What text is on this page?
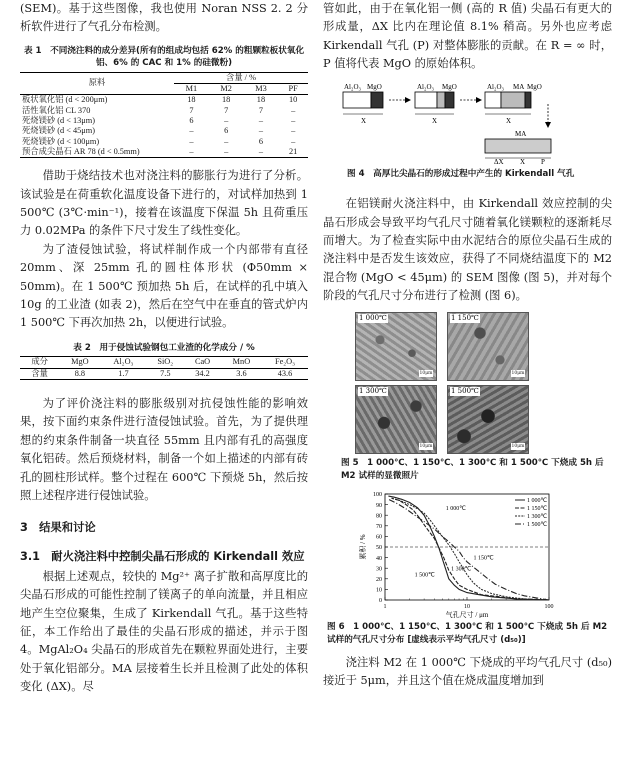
(SEM)。基于这些图像，我也使用 Noran NSS 2. 2 分析软件进行了气孔分布检测。

表 1　不同浇注料的成分差异(所有的组成均包括 62% 的粗颗粒板状氧化铝、6% 的 CAC 和 1% 的硅微粉)
原料	含量 / %			
	M1	M2	M3	PF
板状氧化铝 (d < 200μm)	18	18	18	10
活性氧化铝 CL 370	7	7	7	–
死烧镁砂 (d < 13μm)	6	–	–	–
死烧镁砂 (d < 45μm)	–	6	–	–
死烧镁砂 (d < 100μm)	–	–	6	–
预合成尖晶石 AR 78 (d < 0.5mm)	–	–	–	21

借助于烧结技术也对浇注料的膨胀行为进行了分析。该试验是在荷重软化温度设备下进行的，对试样加热到 1 500℃ (3℃·min⁻¹)，接着在该温度下保温 5h 且荷重压力 0.02MPa 的条件下尺寸发生了线性变化。

为了渣侵蚀试验，将试样制作成一个内部带有直径 20mm、深 25mm 孔的圆柱体形状 (Φ50mm × 50mm)。在 1 500℃ 预加热 5h 后，在试样的孔中填入 10g 的工业渣 (如表 2)，然后在空气中在垂直的管式炉内 1 500℃ 下再次加热 2h，以便进行试验。

表 2　用于侵蚀试验钢包工业渣的化学成分 / %
成分	MgO	Al₂O₃	SiO₂	CaO	MnO	Fe₂O₃
含量	8.8	1.7	7.5	34.2	3.6	43.6

为了评价浇注料的膨胀级别对抗侵蚀性能的影响效果，按下面约束条件进行渣侵蚀试验。首先，为了提供理想的约束条件制备一块直径 55mm 且内部有孔的高强度氧化铝砖。然后预烧材料，制备一个如上描述的内部有砖孔的圆柱形试样。整个过程在 600℃ 下预烧 5h，然后按照上述程序进行侵蚀试验。

3　结果和讨论
3.1　耐火浇注料中控制尖晶石形成的 Kirkendall 效应

根据上述观点，较快的 Mg²⁺ 离子扩散和高厚度比的尖晶石形成的可能性控制了镁离子的单向流量，并且相应地产生空位聚集，生成了 Kirkendall 气孔。基于这些特征，本工作给出了最佳的尖晶石形成的描述，并示于图 4。MgAl₂O₄ 尖晶石的形成首先在颗粒界面处进行，主要处于氧化铝部分。MA 层接着生长并且检测了此处的体积变化 (ΔX)。尽

管如此，由于在氧化铝一侧 (高的 R 值) 尖晶石有更大的形成量，ΔX 比内在理论值 8.1% 稍高。另外也应考虑 Kirkendall 气孔 (P) 对整体膨胀的贡献。在 R = ∞ 时，P 值将代表 MgO 的原始体积。

Al₂O₃ MgO
X
Al₂O₃ MgO
X
Al₂O₃ MA MgO
X
MA
ΔX X P
图 4　高厚比尖晶石的形成过程中产生的 Kirkendall 气孔

在铝镁耐火浇注料中，由 Kirkendall 效应控制的尖晶石形成会导致平均气孔尺寸随着氧化镁颗粒的逐渐耗尽而增大。为了检查实际中由水泥结合的原位尖晶石生成的浇注料中是否发生该效应，获得了不同烧结温度下的 M2 混合物 (MgO < 45μm) 的 SEM 图像 (图 5)，并对每个阶段的气孔尺寸分布进行了检测 (图 6)。

1 000℃
10μm
1 150℃
10μm
1 300℃
10μm
1 500℃
10μm
图 5　1 000℃、1 150℃、1 300℃ 和 1 500℃ 下烧成 5h 后 M2 试样的显微照片
0
10
20
30
40
50
60
70
80
90
100
1	10	100
1 000℃
1 150℃
1 300℃
1 500℃
1 000℃
1 150℃
1 300℃
1 500℃
累积 / %
气孔尺寸 / μm
图 6　1 000℃、1 150℃、1 300℃ 和 1 500℃ 下烧成 5h 后 M2 试样的气孔尺寸分布 [虚线表示平均气孔尺寸 (d₅₀)]

浇注料 M2 在 1 000℃ 下烧成的平均气孔尺寸 (d₅₀) 接近于 5μm，并且这个值在烧成温度增加到
